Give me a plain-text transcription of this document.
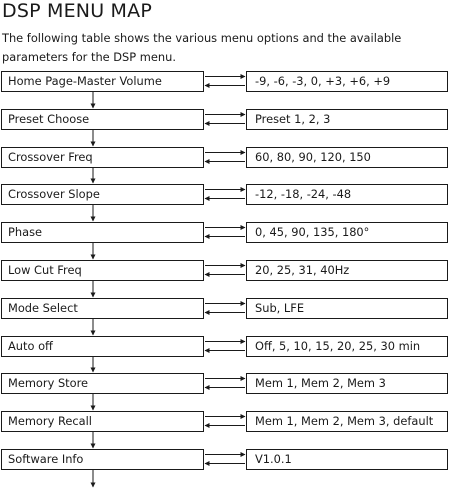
DSP MENU MAP

The following table shows the various menu options and the available parameters for the DSP menu.

Home Page-Master Volume	-9, -6, -3, 0, +3, +6, +9
Preset Choose	Preset 1, 2, 3
Crossover Freq	60, 80, 90, 120, 150
Crossover Slope	-12, -18, -24, -48
Phase	0, 45, 90, 135, 180°
Low Cut Freq	20, 25, 31, 40Hz
Mode Select	Sub, LFE
Auto off	Off, 5, 10, 15, 20, 25, 30 min
Memory Store	Mem 1, Mem 2, Mem 3
Memory Recall	Mem 1, Mem 2, Mem 3, default
Software Info	V1.0.1
